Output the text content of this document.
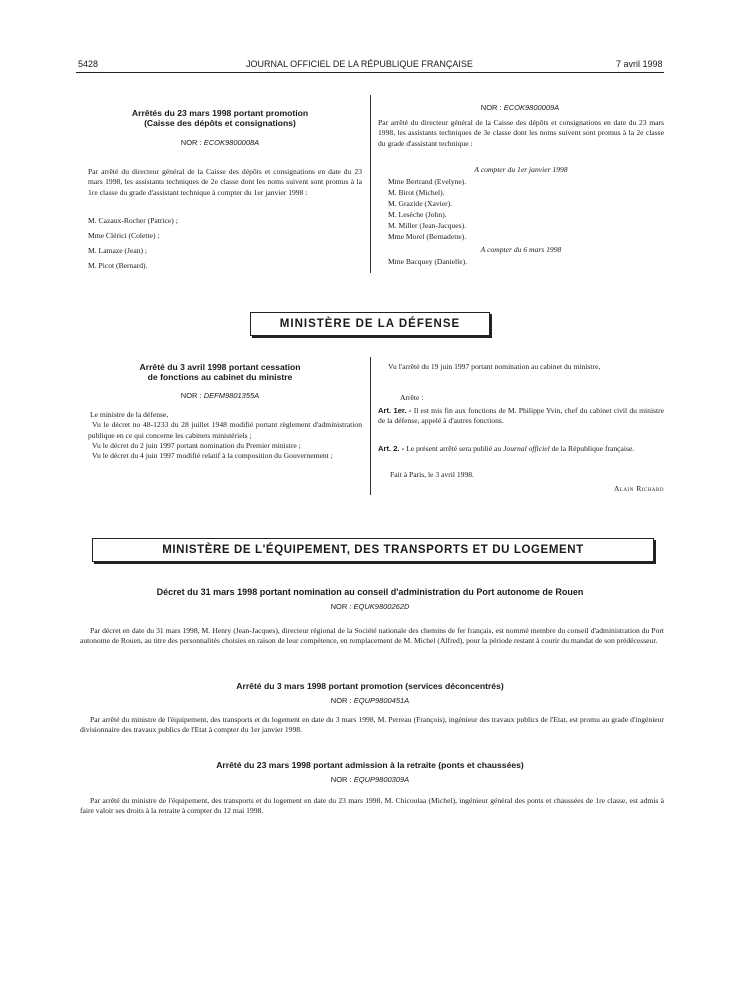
5428	JOURNAL OFFICIEL DE LA RÉPUBLIQUE FRANÇAISE	7 avril 1998
Arrêtés du 23 mars 1998 portant promotion
(Caisse des dépôts et consignations)
NOR : ECOK9800008A
Par arrêté du directeur général de la Caisse des dépôts et consignations en date du 23 mars 1998, les assistants techniques de 2e classe dont les noms suivent sont promus à la 1re classe du grade d'assistant technique à compter du 1er janvier 1998 :
M. Cazaux-Rocher (Patrice) ;
Mme Clérici (Colette) ;
M. Lamaze (Jean) ;
M. Picot (Bernard).
NOR : ECOK9800009A
Par arrêté du directeur général de la Caisse des dépôts et consignations en date du 23 mars 1998, les assistants techniques de 3e classe dont les noms suivent sont promus à la 2e classe du grade d'assistant technique :
A compter du 1er janvier 1998
Mme Bertrand (Evelyne).
M. Birot (Michel).
M. Grazide (Xavier).
M. Lesèche (John).
M. Miller (Jean-Jacques).
Mme Morel (Bernadette).
A compter du 6 mars 1998
Mme Bacquey (Danielle).
MINISTÈRE DE LA DÉFENSE
Arrêté du 3 avril 1998 portant cessation
de fonctions au cabinet du ministre
NOR : DEFM9801355A

Le ministre de la défense,

Vu le décret no 48-1233 du 28 juillet 1948 modifié portant règlement d'administration publique en ce qui concerne les cabinets ministériels ;

Vu le décret du 2 juin 1997 portant nomination du Premier ministre ;

Vu le décret du 4 juin 1997 modifié relatif à la composition du Gouvernement ;

Vu l'arrêté du 19 juin 1997 portant nomination au cabinet du ministre,
Arrête :
Art. 1er. - Il est mis fin aux fonctions de M. Philippe Yvin, chef du cabinet civil du ministre de la défense, appelé à d'autres fonctions.
Art. 2. - Le présent arrêté sera publié au Journal officiel de la République française.
Fait à Paris, le 3 avril 1998.
Alain Richard
MINISTÈRE DE L'ÉQUIPEMENT, DES TRANSPORTS ET DU LOGEMENT
Décret du 31 mars 1998 portant nomination au conseil d'administration du Port autonome de Rouen
NOR : EQUK9800262D
Par décret en date du 31 mars 1998, M. Henry (Jean-Jacques), directeur régional de la Société nationale des chemins de fer français, est nommé membre du conseil d'administration du Port autonome de Rouen, au titre des personnalités choisies en raison de leur compétence, en remplacement de M. Michel (Alfred), pour la période restant à courir du mandat de son prédécesseur.
Arrêté du 3 mars 1998 portant promotion (services déconcentrés)
NOR : EQUP9800451A
Par arrêté du ministre de l'équipement, des transports et du logement en date du 3 mars 1998, M. Perreau (François), ingénieur des travaux publics de l'Etat, est promu au grade d'ingénieur divisionnaire des travaux publics de l'Etat à compter du 1er janvier 1998.
Arrêté du 23 mars 1998 portant admission à la retraite (ponts et chaussées)
NOR : EQUP9800309A
Par arrêté du ministre de l'équipement, des transports et du logement en date du 23 mars 1998, M. Chicoulaa (Michel), ingénieur général des ponts et chaussées de 1re classe, est admis à faire valoir ses droits à la retraite à compter du 12 mai 1998.
